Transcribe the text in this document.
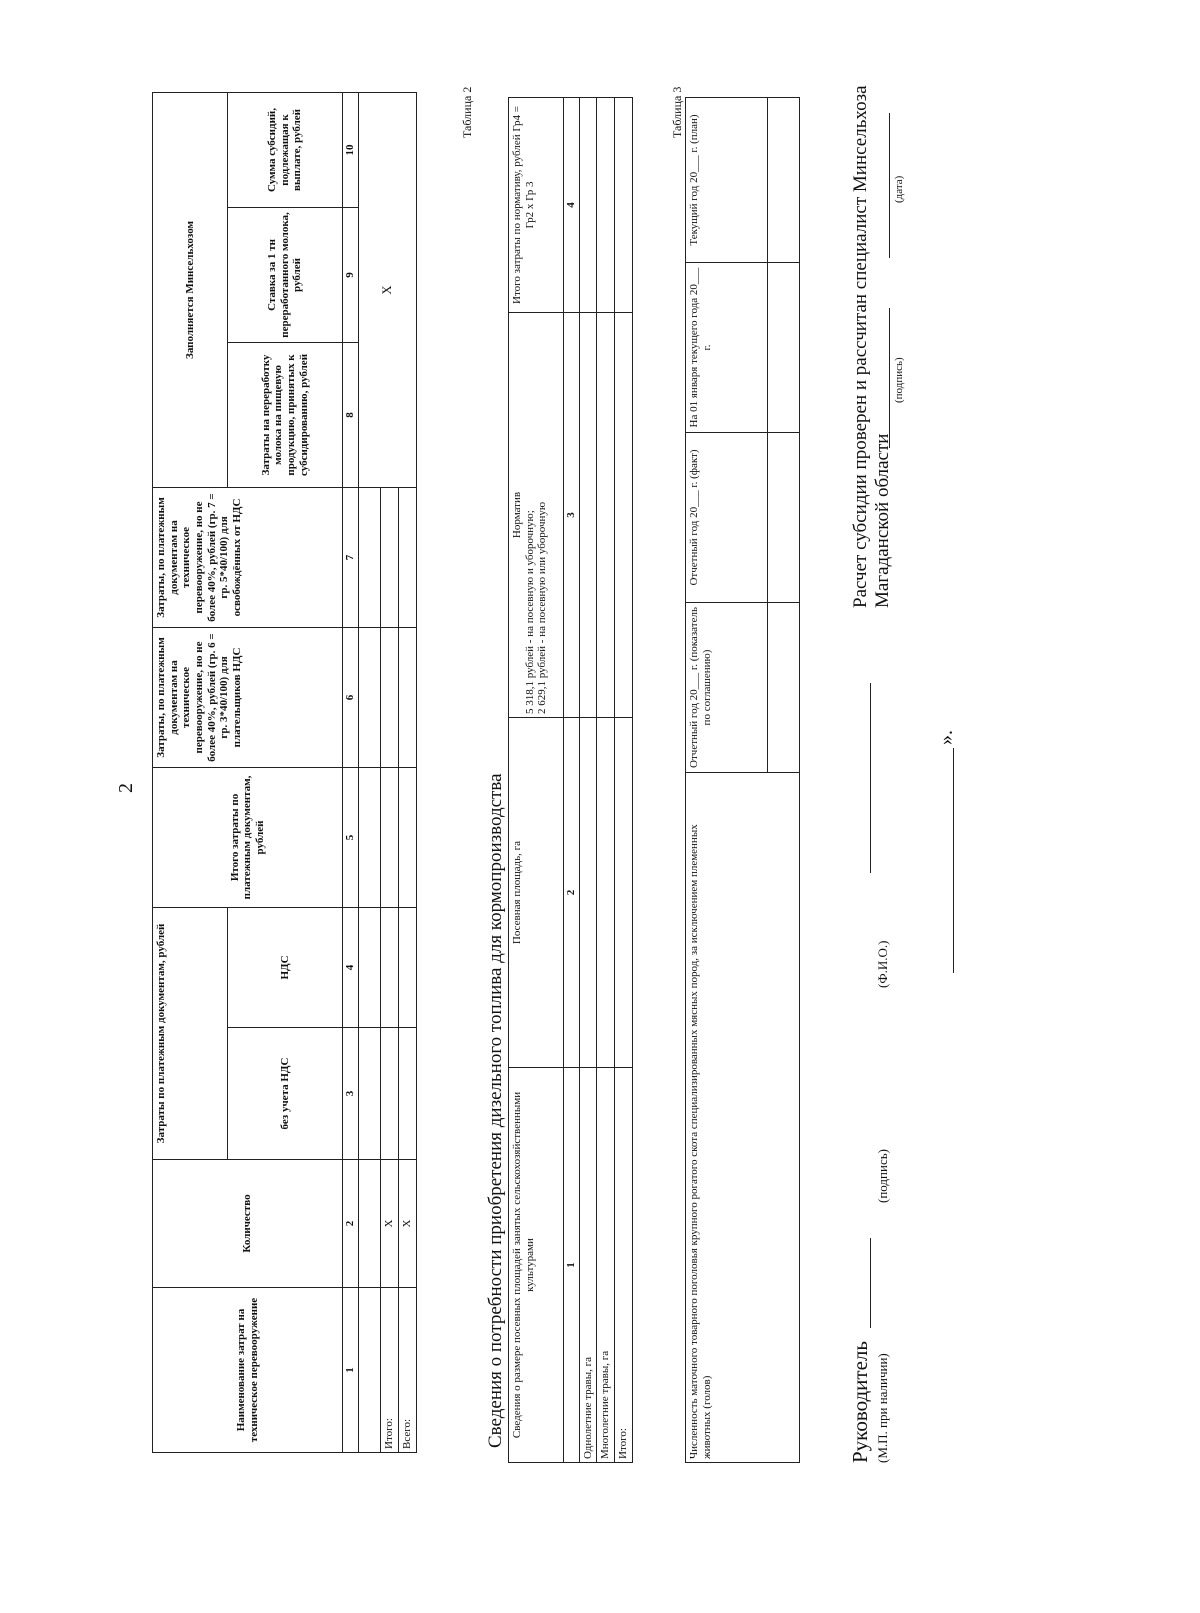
2
Наименование затрат на техническое перевооружение	Количество	Затраты по платежным документам, рублей		Итого затраты по платежным документам, рублей	Затраты, по платежным документам на техническое перевооружение, но не более 40%, рублей (гр. 6 = гр. 3*40/100) для плательщиков НДС	Затраты, по платежным документам на техническое перевооружение, но не более 40%, рублей (гр. 7 = гр. 5*40/100) для освобождённых от НДС	Заполняется Минсельхозом		
		без учета НДС	НДС				Затраты на переработку молока на пищевую продукцию, принятых к субсидированию, рублей	Ставка за 1 тн переработанного молока, рублей	Сумма субсидий, подлежащая к выплате, рублей
1	2	3	4	5	6	7	8	9	10
							Х		
Итого:	Х								
Всего:	Х								
Таблица 2
Сведения о потребности приобретения дизельного топлива для кормопроизводства Сведения о размере посевных площадей занятых сельскохозяйственными культурами	Посевная площадь, га	Норматив 5 318,1 рублей - на посевную и уборочную; 2 629,1 рублей - на посевную или уборочную	Итого затраты по нормативу, рублей Гр4 = Гр2 х Гр 3
1	2	3	4
Однолетние травы, га			
Многолетние травы, га			
Итого:			
Таблица 3
Численность маточного товарного поголовья крупного рогатого скота специализированных мясных пород, за исключением племенных животных (голов)	Отчетный год 20___ г. (показатель по соглашению)	Отчетный год 20___ г. (факт)	На 01 января текущего года 20___ г.	Текущий год 20___ г. (план)

».
Руководитель (М.П. при наличии)
(подпись)
(Ф.И.О.)
Расчет субсидии проверен и рассчитан специалист Минсельхоза Магаданской области
(подпись)
(дата)
